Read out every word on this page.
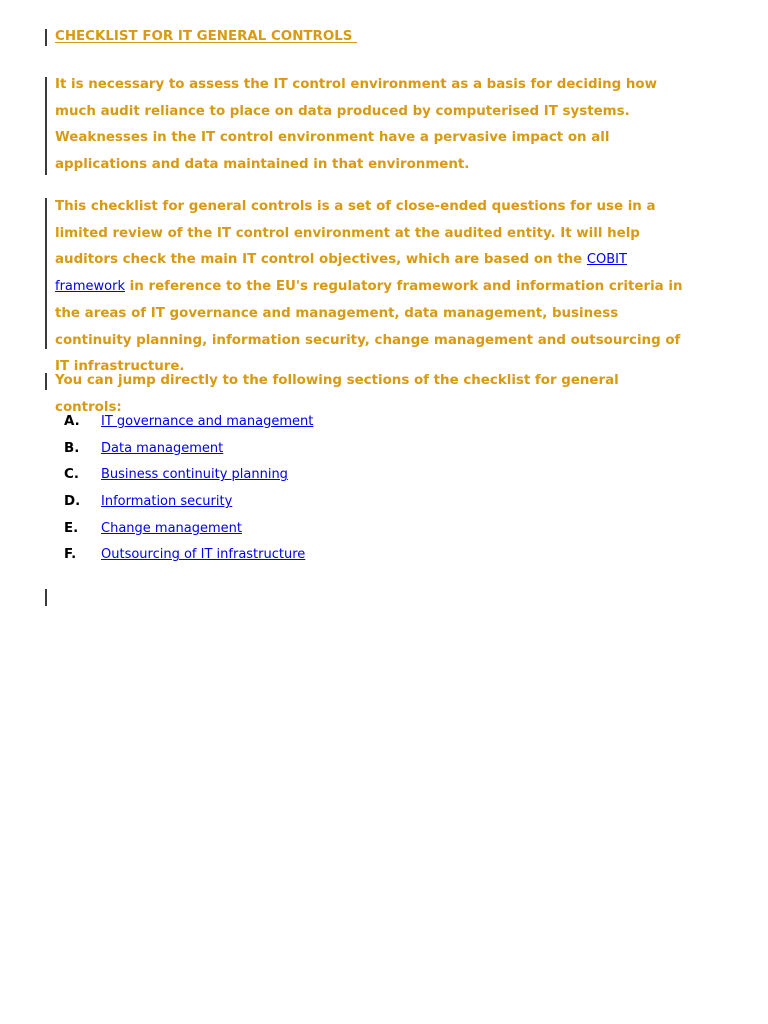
CHECKLIST FOR IT GENERAL CONTROLS

It is necessary to assess the IT control environment as a basis for deciding how much audit reliance to place on data produced by computerised IT systems. Weaknesses in the IT control environment have a pervasive impact on all applications and data maintained in that environment.

This checklist for general controls is a set of close-ended questions for use in a limited review of the IT control environment at the audited entity. It will help auditors check the main IT control objectives, which are based on the COBIT framework in reference to the EU's regulatory framework and information criteria in the areas of IT governance and management, data management, business continuity planning, information security, change management and outsourcing of IT infrastructure.

You can jump directly to the following sections of the checklist for general controls:

A. IT governance and management
B. Data management
C. Business continuity planning
D. Information security
E. Change management
F. Outsourcing of IT infrastructure
